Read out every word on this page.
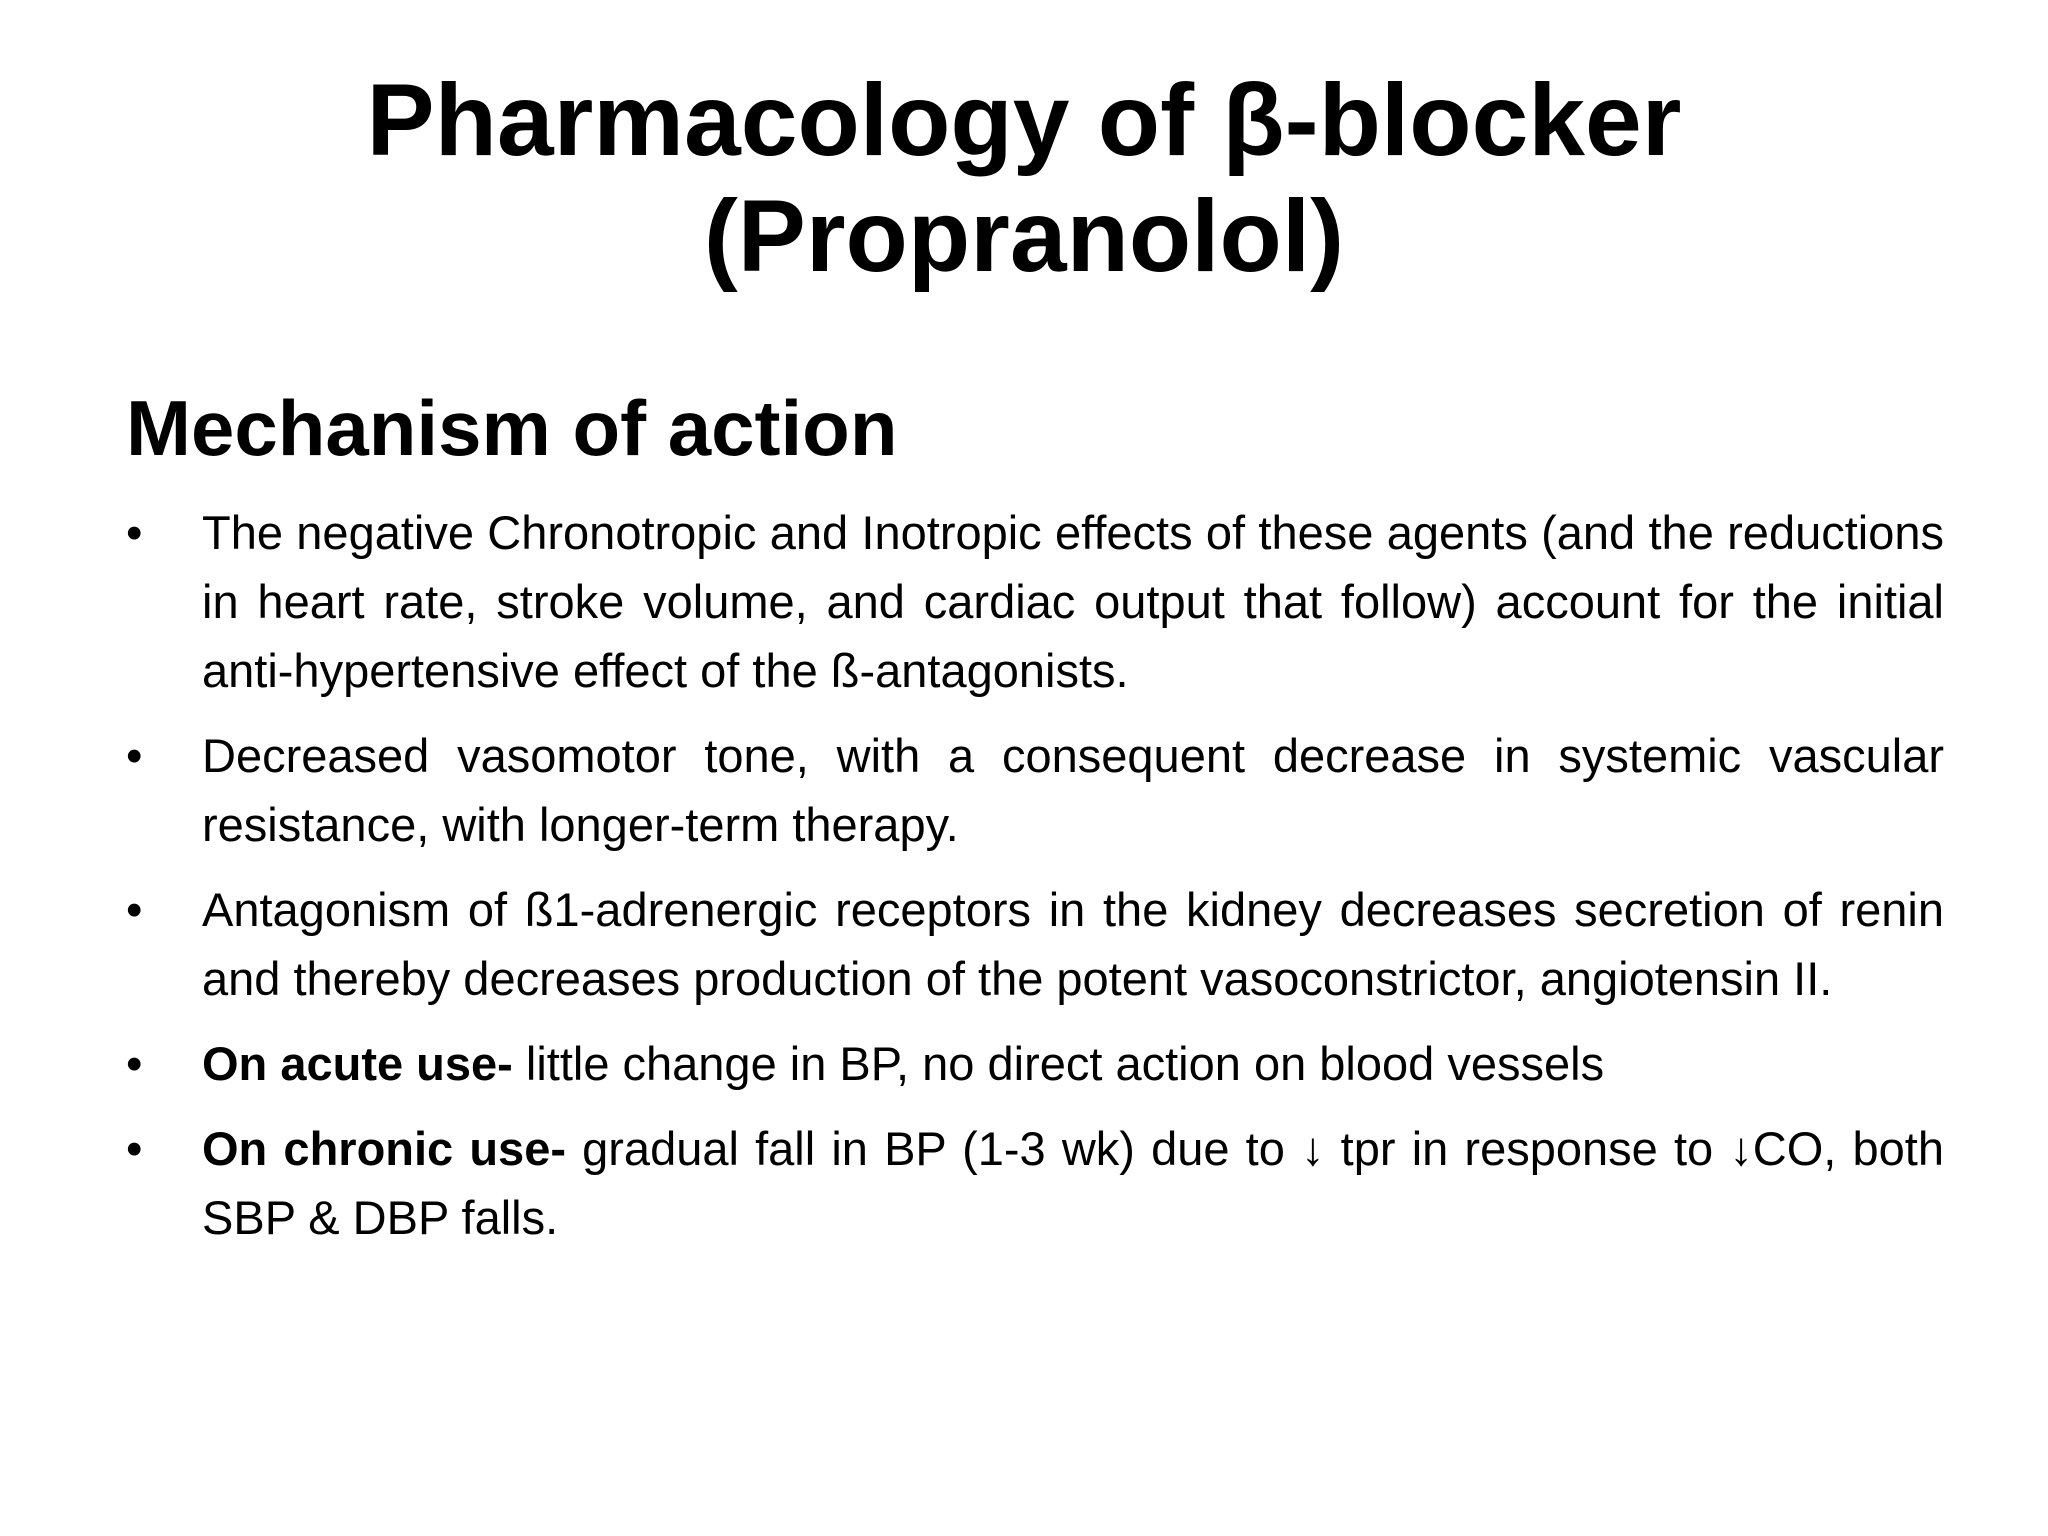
Pharmacology of β-blocker
(Propranolol)
Mechanism of action
• The negative Chronotropic and Inotropic effects of these agents (and the reductions in heart rate, stroke volume, and cardiac output that follow) account for the initial anti-hypertensive effect of the ß-antagonists.
• Decreased vasomotor tone, with a consequent decrease in systemic vascular resistance, with longer-term therapy.
• Antagonism of ß1-adrenergic receptors in the kidney decreases secretion of renin and thereby decreases production of the potent vasoconstrictor, angiotensin II.
• On acute use- little change in BP, no direct action on blood vessels
• On chronic use- gradual fall in BP (1-3 wk) due to ↓ tpr in response to ↓CO, both SBP & DBP falls.
